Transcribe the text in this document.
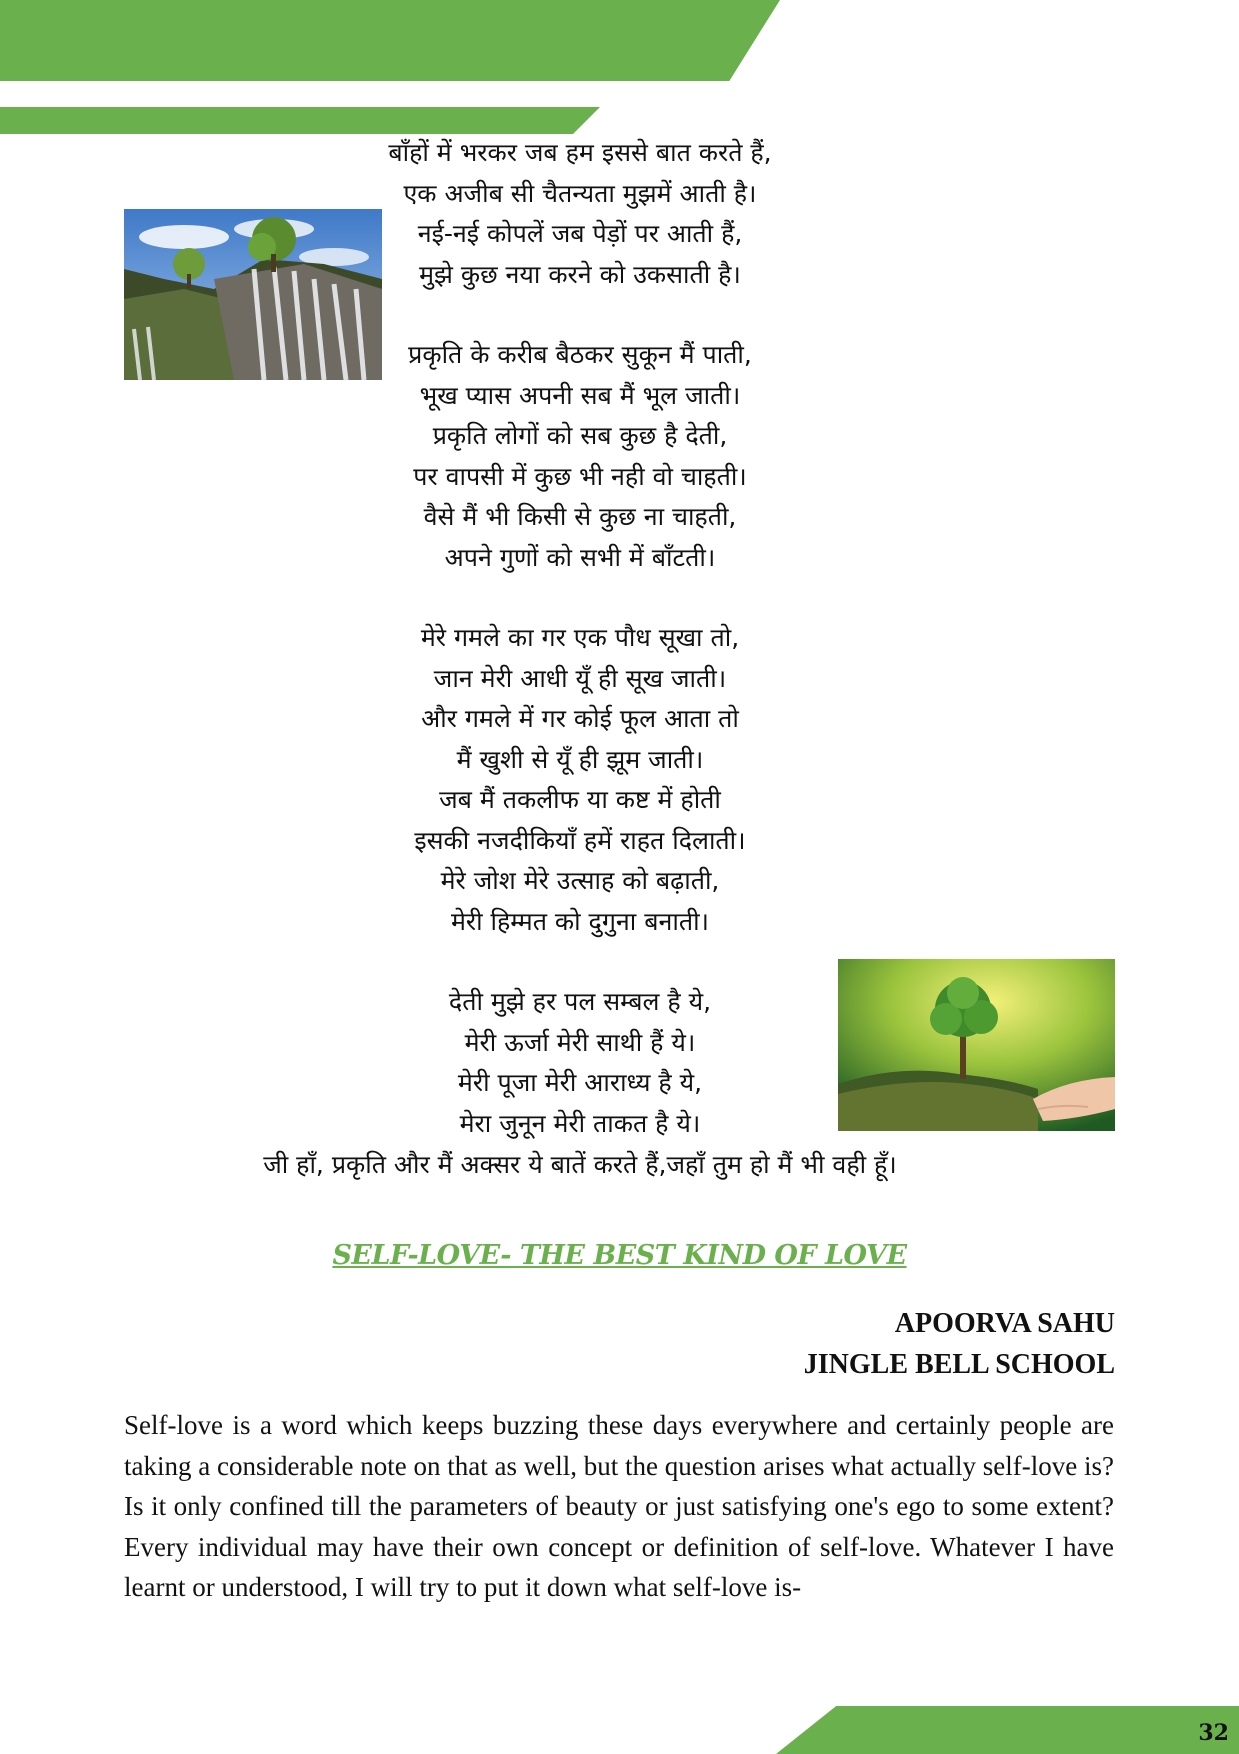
बाँहों में भरकर जब हम इससे बात करते हैं,
एक अजीब सी चैतन्यता मुझमें आती है।
नई-नई कोपलें जब पेड़ों पर आती हैं,
मुझे कुछ नया करने को उकसाती है।
प्रकृति के करीब बैठकर सुकून मैं पाती,
भूख प्यास अपनी सब मैं भूल जाती।
प्रकृति लोगों को सब कुछ है देती,
पर वापसी में कुछ भी नही वो चाहती।
वैसे मैं भी किसी से कुछ ना चाहती,
अपने गुणों को सभी में बाँटती।
मेरे गमले का गर एक पौध सूखा तो,
जान मेरी आधी यूँ ही सूख जाती।
और गमले में गर कोई फूल आता तो
मैं खुशी से यूँ ही झूम जाती।
जब मैं तकलीफ या कष्ट में होती
इसकी नजदीकियाँ हमें राहत दिलाती।
मेरे जोश मेरे उत्साह को बढ़ाती,
मेरी हिम्मत को दुगुना बनाती।
देती मुझे हर पल सम्बल है ये,
मेरी ऊर्जा मेरी साथी हैं ये।
मेरी पूजा मेरी आराध्य है ये,
मेरा जुनून मेरी ताकत है ये।
जी हाँ, प्रकृति और मैं अक्सर ये बातें करते हैं,जहाँ तुम हो मैं भी वही हूँ।
SELF-LOVE- THE BEST KIND OF LOVE
APOORVA SAHU
JINGLE BELL SCHOOL

Self-love is a word which keeps buzzing these days everywhere and certainly people are taking a considerable note on that as well, but the question arises what actually self-love is? Is it only confined till the parameters of beauty or just satisfying one's ego to some extent? Every individual may have their own concept or definition of self-love. Whatever I have learnt or understood, I will try to put it down what self-love is-

32
